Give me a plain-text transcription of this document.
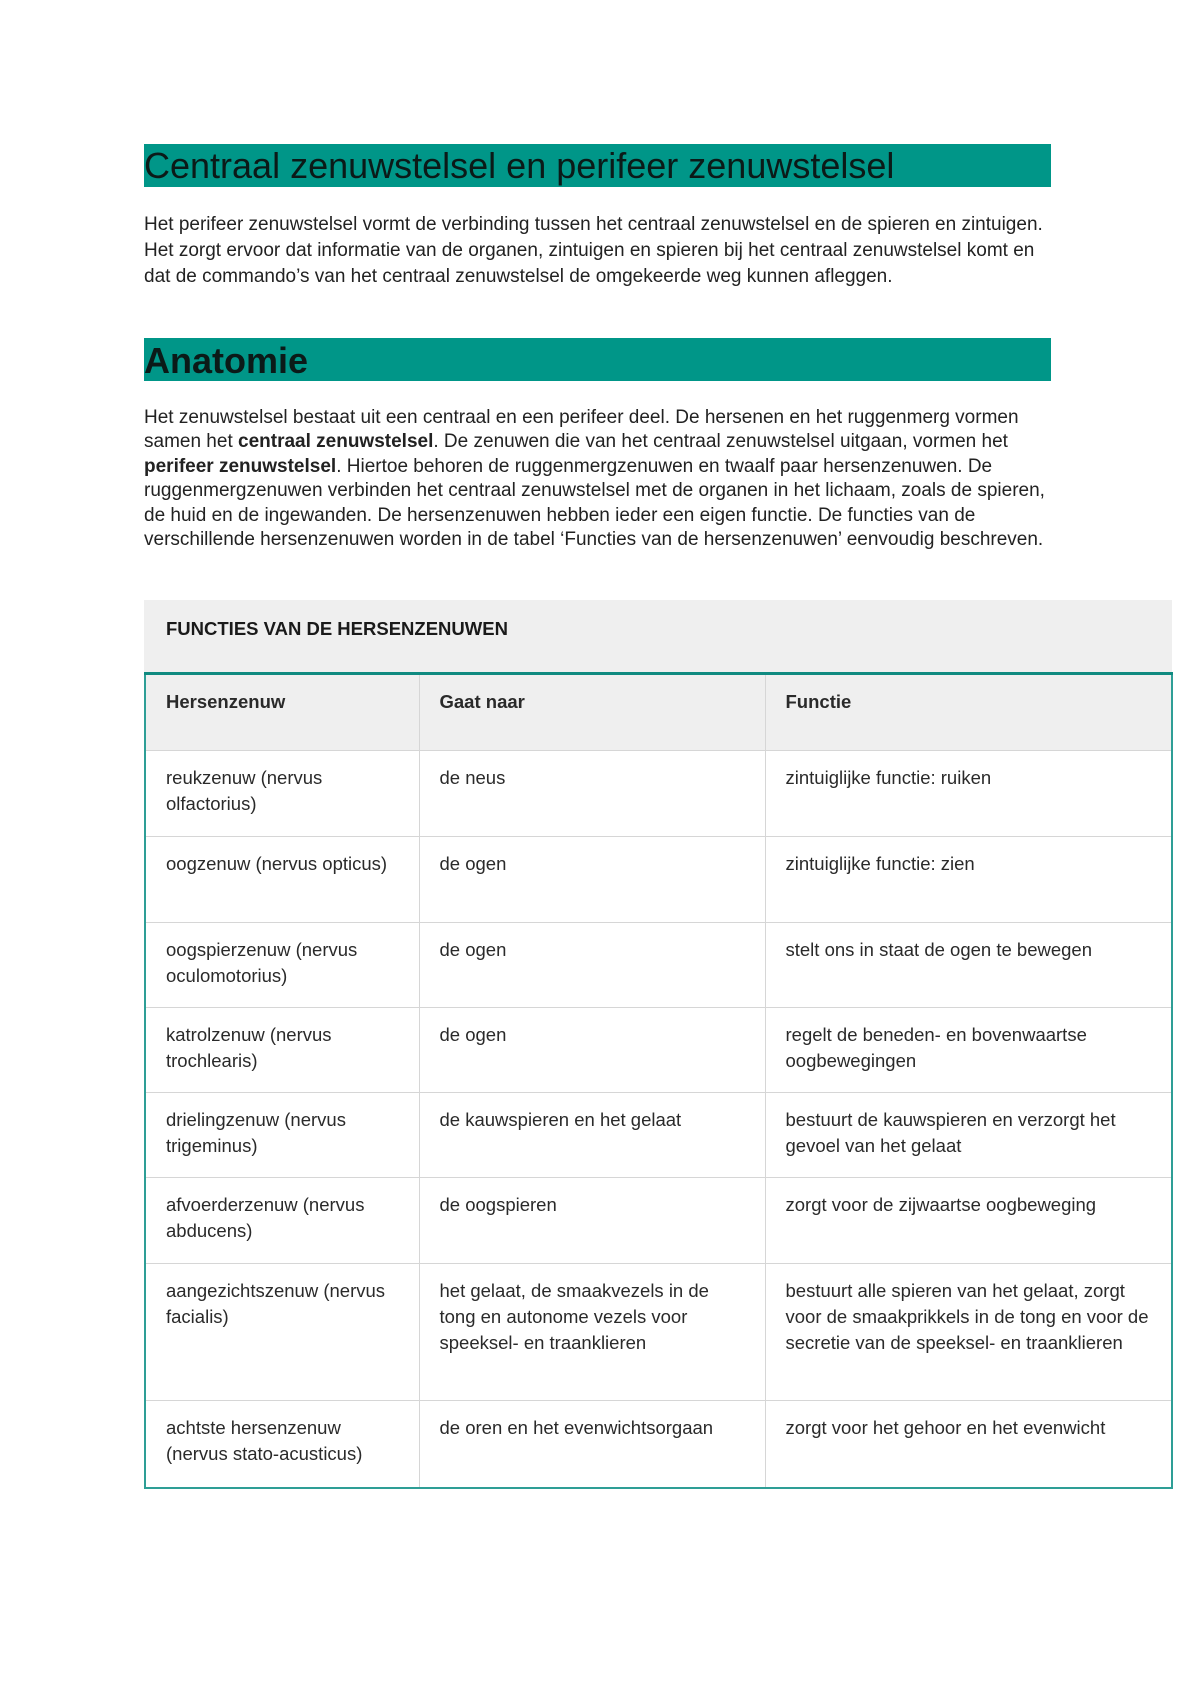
Centraal zenuwstelsel en perifeer zenuwstelsel

Het perifeer zenuwstelsel vormt de verbinding tussen het centraal zenuwstelsel en de spieren en zintuigen. Het zorgt ervoor dat informatie van de organen, zintuigen en spieren bij het centraal zenuwstelsel komt en dat de commando’s van het centraal zenuwstelsel de omgekeerde weg kunnen afleggen.

Anatomie

Het zenuwstelsel bestaat uit een centraal en een perifeer deel. De hersenen en het ruggenmerg vormen samen het centraal zenuwstelsel. De zenuwen die van het centraal zenuwstelsel uitgaan, vormen het perifeer zenuwstelsel. Hiertoe behoren de ruggenmergzenuwen en twaalf paar hersenzenuwen. De ruggenmergzenuwen verbinden het centraal zenuwstelsel met de organen in het lichaam, zoals de spieren, de huid en de ingewanden. De hersenzenuwen hebben ieder een eigen functie. De functies van de verschillende hersenzenuwen worden in de tabel ‘Functies van de hersenzenuwen’ eenvoudig beschreven.

FUNCTIES VAN DE HERSENZENUWEN
Hersenzenuw	Gaat naar	Functie
reukzenuw (nervus olfactorius)	de neus	zintuiglijke functie: ruiken
oogzenuw (nervus opticus)	de ogen	zintuiglijke functie: zien
oogspierzenuw (nervus oculomotorius)	de ogen	stelt ons in staat de ogen te bewegen
katrolzenuw (nervus trochlearis)	de ogen	regelt de beneden- en bovenwaartse oogbewegingen
drielingzenuw (nervus trigeminus)	de kauwspieren en het gelaat	bestuurt de kauwspieren en verzorgt het gevoel van het gelaat
afvoerderzenuw (nervus abducens)	de oogspieren	zorgt voor de zijwaartse oogbeweging
aangezichtszenuw (nervus facialis)	het gelaat, de smaakvezels in de tong en autonome vezels voor speeksel- en traanklieren	bestuurt alle spieren van het gelaat, zorgt voor de smaakprikkels in de tong en voor de secretie van de speeksel- en traanklieren
achtste hersenzenuw (nervus stato-acusticus)	de oren en het evenwichtsorgaan	zorgt voor het gehoor en het evenwicht
